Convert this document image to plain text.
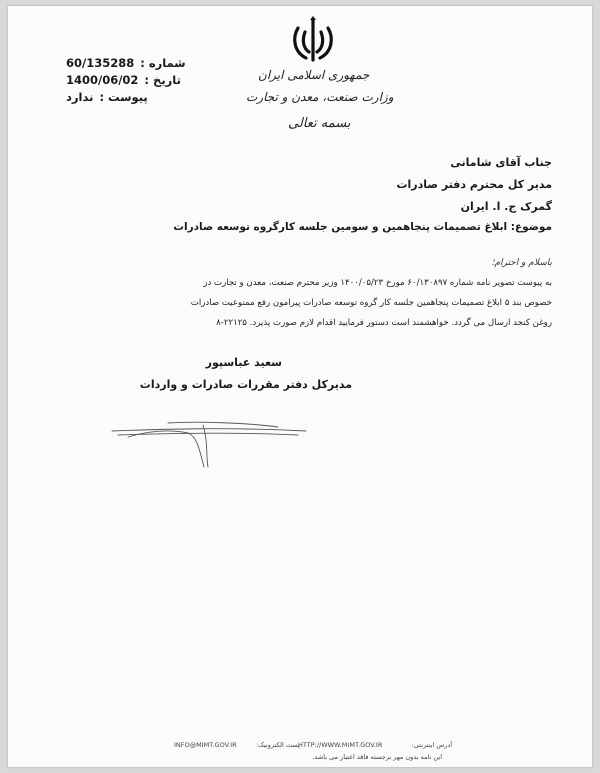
جمهوری اسلامی ایران
وزارت صنعت، معدن و تجارت
بسمه تعالی
شماره :
60/135288
تاریخ :
1400/06/02
پیوست :
ندارد
جناب آقای شامانی
مدیر کل محترم دفتر صادرات
گمرک ج. ا. ایران
موضوع: ابلاغ تصمیمات پنجاهمین و سومین جلسه کارگروه توسعه صادرات
باسلام و احترام؛
به پیوست تصویر نامه شماره ۶۰/۱۳۰۸۹۷ مورخ ۱۴۰۰/۰۵/۲۳ وزیر محترم صنعت، معدن و تجارت در
خصوص بند ۵ ابلاغ تصمیمات پنجاهمین جلسه کار گروه توسعه صادرات پیرامون رفع ممنوعیت صادرات
روغن کنجد ارسال می گردد. خواهشمند است دستور فرمایید اقدام لازم صورت پذیرد. ۲۲۱۲۵-۸
سعید عباسپور
مدیرکل دفتر مقررات صادرات و واردات
آدرس اینترنتی:
HTTP://WWW.MIMT.GOV.IR
پست الکترونیک:
INFO@MIMT.GOV.IR
این نامه بدون مهر برجسته فاقد اعتبار می باشد.
